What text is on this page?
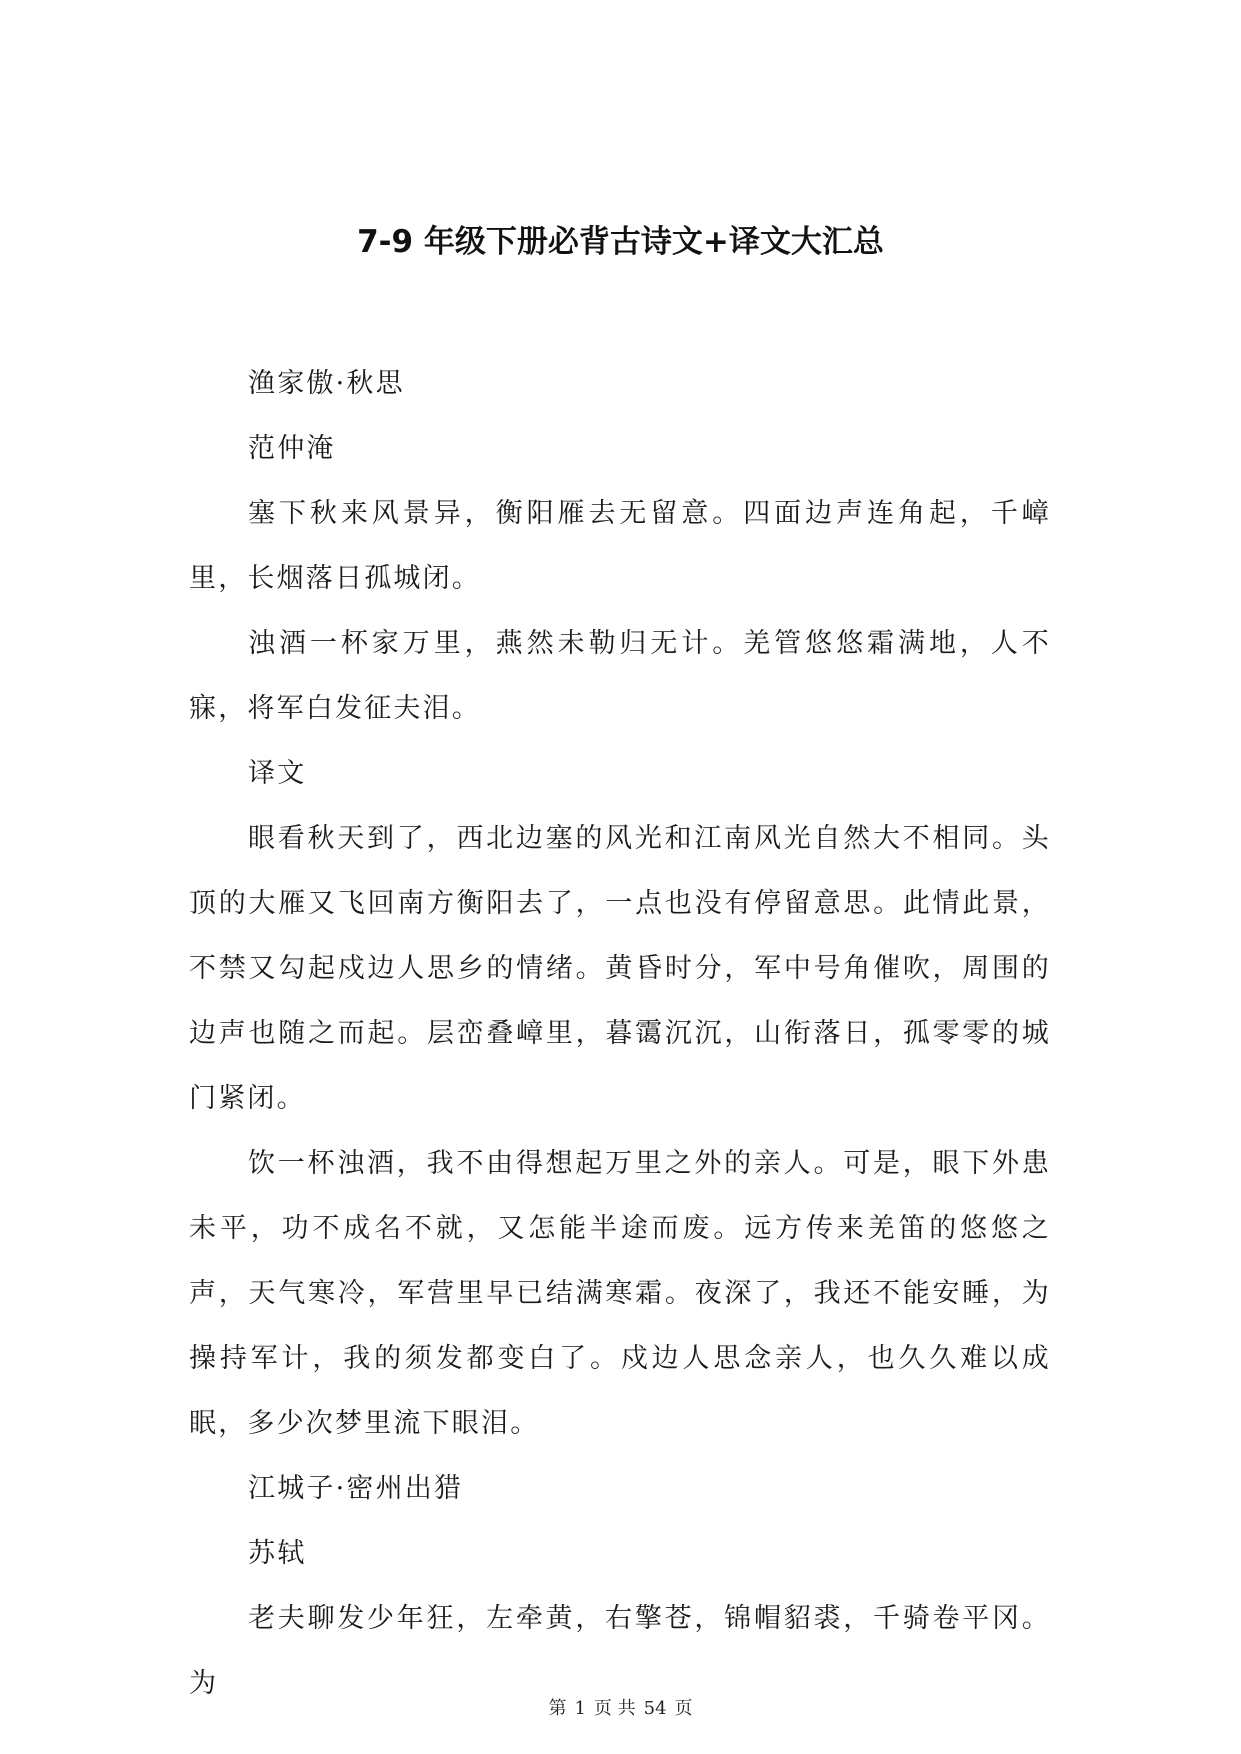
7-9 年级下册必背古诗文+译文大汇总

渔家傲·秋思

范仲淹

塞下秋来风景异，衡阳雁去无留意。四面边声连角起，千嶂里，长烟落日孤城闭。

浊酒一杯家万里，燕然未勒归无计。羌管悠悠霜满地，人不寐，将军白发征夫泪。

译文

眼看秋天到了，西北边塞的风光和江南风光自然大不相同。头顶的大雁又飞回南方衡阳去了，一点也没有停留意思。此情此景，不禁又勾起戍边人思乡的情绪。黄昏时分，军中号角催吹，周围的边声也随之而起。层峦叠嶂里，暮霭沉沉，山衔落日，孤零零的城门紧闭。

饮一杯浊酒，我不由得想起万里之外的亲人。可是，眼下外患未平，功不成名不就，又怎能半途而废。远方传来羌笛的悠悠之声，天气寒冷，军营里早已结满寒霜。夜深了，我还不能安睡，为操持军计，我的须发都变白了。戍边人思念亲人，也久久难以成眠，多少次梦里流下眼泪。

江城子·密州出猎

苏轼

老夫聊发少年狂，左牵黄，右擎苍，锦帽貂裘，千骑卷平冈。为

第 1 页 共 54 页
